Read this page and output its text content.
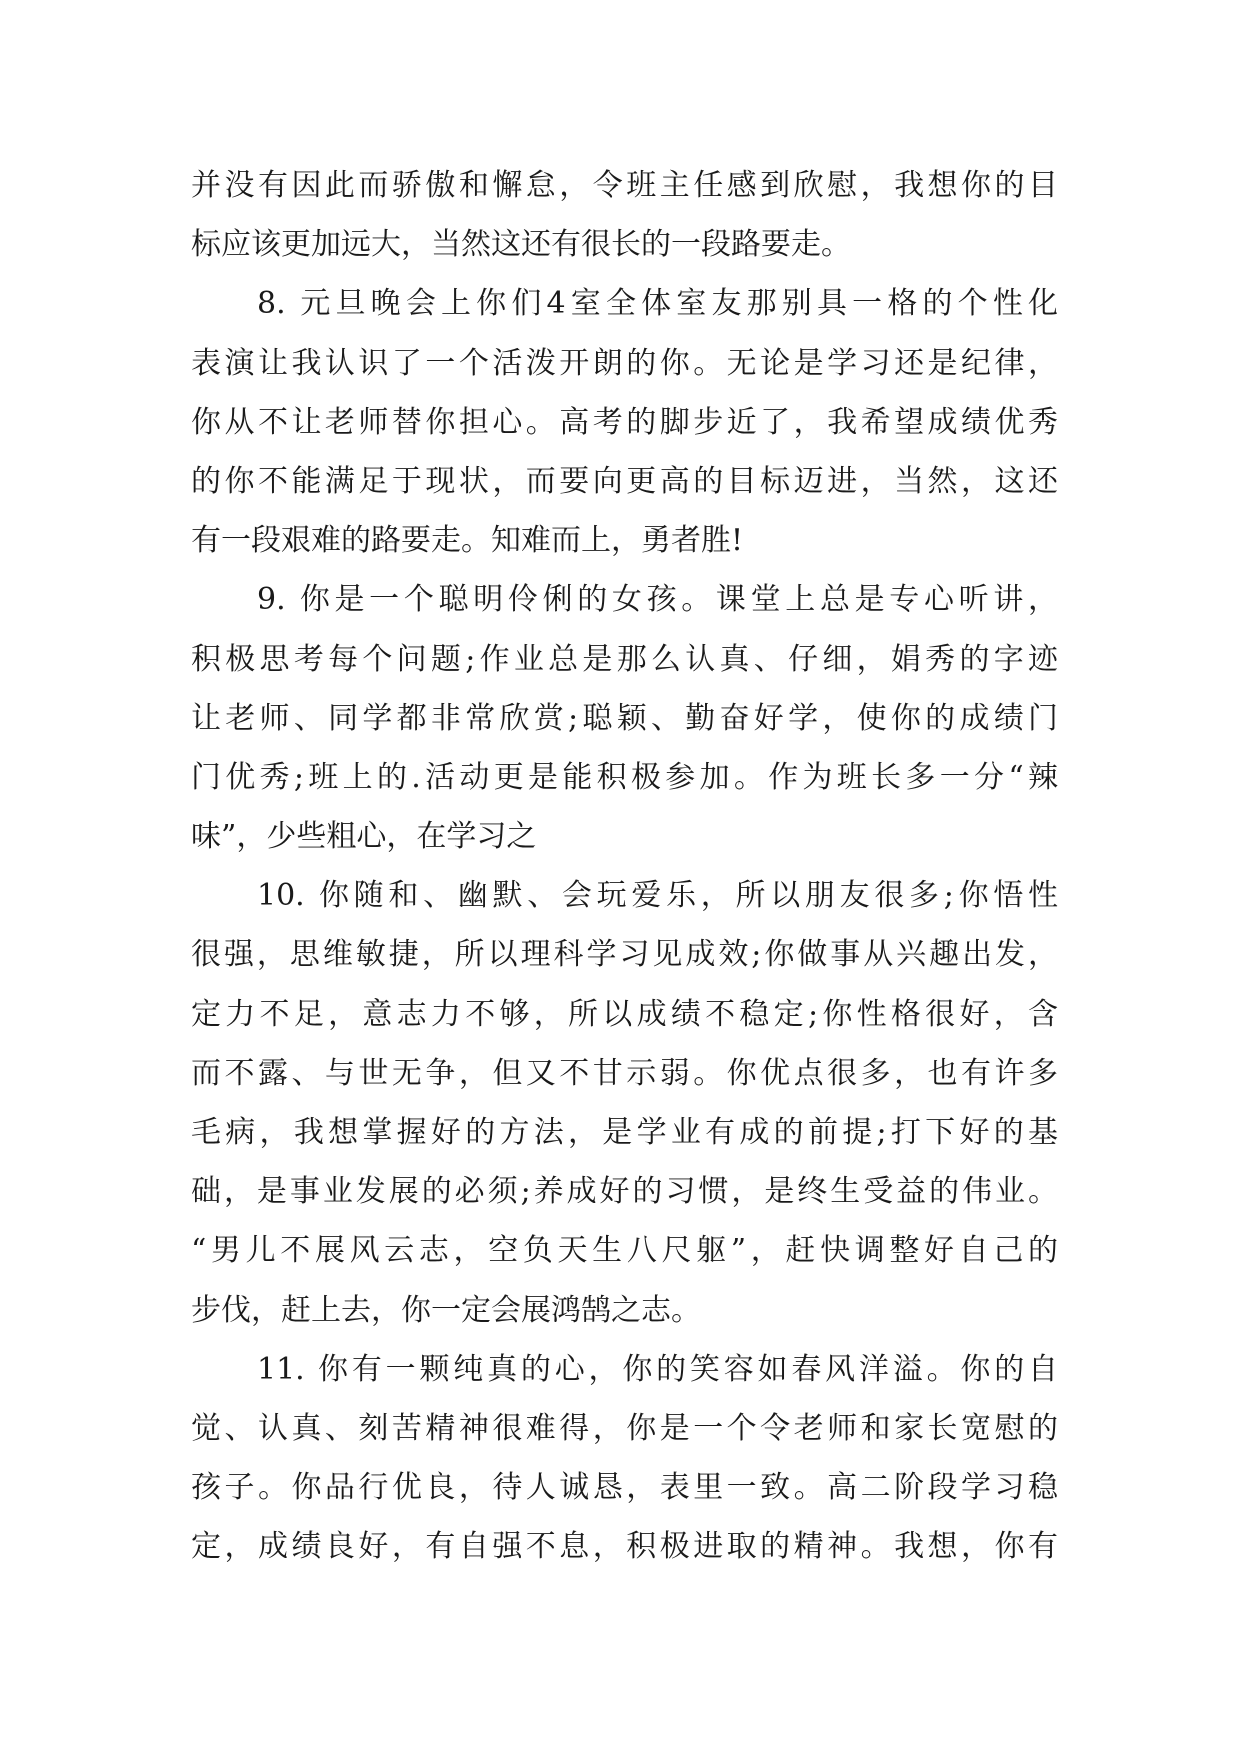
并没有因此而骄傲和懈怠，令班主任感到欣慰，我想你的目
标应该更加远大，当然这还有很长的一段路要走。
8. 元旦晚会上你们4室全体室友那别具一格的个性化
表演让我认识了一个活泼开朗的你。无论是学习还是纪律，
你从不让老师替你担心。高考的脚步近了，我希望成绩优秀
的你不能满足于现状，而要向更高的目标迈进，当然，这还
有一段艰难的路要走。知难而上，勇者胜!
9. 你是一个聪明伶俐的女孩。课堂上总是专心听讲，
积极思考每个问题;作业总是那么认真、仔细，娟秀的字迹
让老师、同学都非常欣赏;聪颖、勤奋好学，使你的成绩门
门优秀;班上的.活动更是能积极参加。作为班长多一分“辣
味”，少些粗心，在学习之
10. 你随和、幽默、会玩爱乐，所以朋友很多;你悟性
很强，思维敏捷，所以理科学习见成效;你做事从兴趣出发，
定力不足，意志力不够，所以成绩不稳定;你性格很好，含
而不露、与世无争，但又不甘示弱。你优点很多，也有许多
毛病，我想掌握好的方法，是学业有成的前提;打下好的基
础，是事业发展的必须;养成好的习惯，是终生受益的伟业。
“男儿不展风云志，空负天生八尺躯”，赶快调整好自己的
步伐，赶上去，你一定会展鸿鹄之志。
11. 你有一颗纯真的心，你的笑容如春风洋溢。你的自
觉、认真、刻苦精神很难得，你是一个令老师和家长宽慰的
孩子。你品行优良，待人诚恳，表里一致。高二阶段学习稳
定，成绩良好，有自强不息，积极进取的精神。我想，你有
